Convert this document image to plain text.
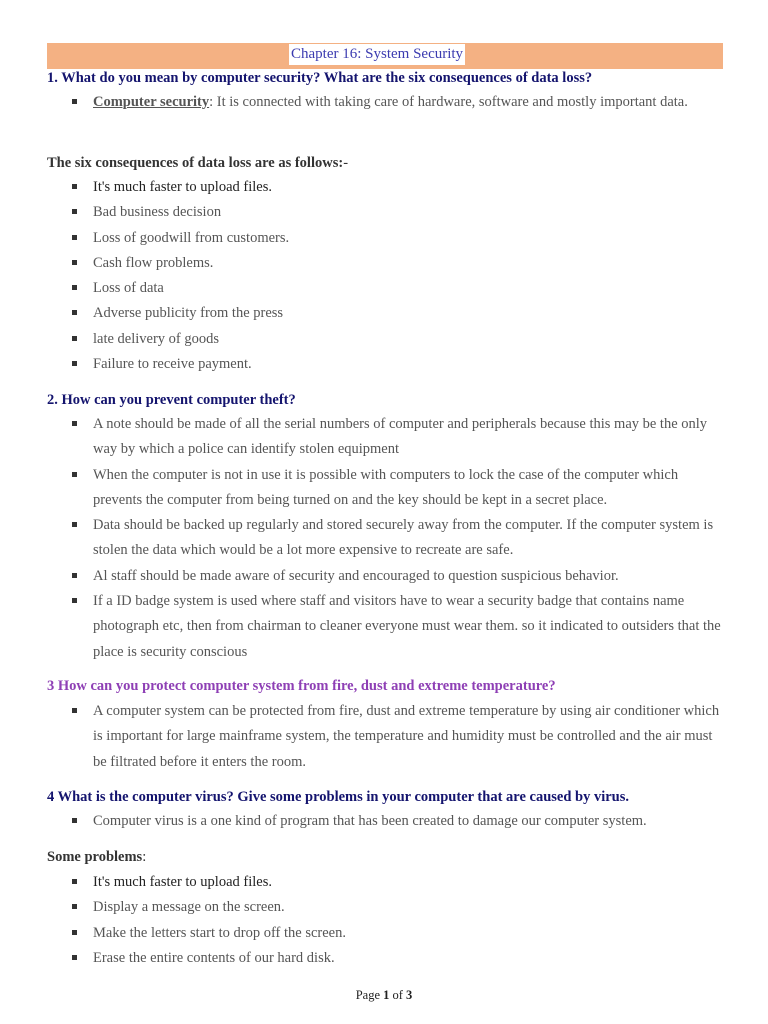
Chapter 16: System Security
1. What do you mean by computer security? What are the six consequences of data loss?
Computer security: It is connected with taking care of hardware, software and mostly important data.
The six consequences of data loss are as follows:-
It's much faster to upload files.
Bad business decision
Loss of goodwill from customers.
Cash flow problems.
Loss of data
Adverse publicity from the press
late delivery of goods
Failure to receive payment.
2. How can you prevent computer theft?
A note should be made of all the serial numbers of computer and peripherals because this may be the only way by which a police can identify stolen equipment
When the computer is not in use it is possible with computers to lock the case of the computer which prevents the computer from being turned on and the key should be kept in a secret place.
Data should be backed up regularly and stored securely away from the computer. If the computer system is stolen the data which would be a lot more expensive to recreate are safe.
Al staff should be made aware of security and encouraged to question suspicious behavior.
If a ID badge system is used where staff and visitors have to wear a security badge that contains name photograph etc, then from chairman to cleaner everyone must wear them. so it indicated to outsiders that the place is security conscious
3 How can you protect computer system from fire, dust and extreme temperature?
A computer system can be protected from fire, dust and extreme temperature by using air conditioner which is important for large mainframe system, the temperature and humidity must be controlled and the air must be filtrated before it enters the room.
4 What is the computer virus? Give some problems in your computer that are caused by virus.
Computer virus is a one kind of program that has been created to damage our computer system.
Some problems:
It's much faster to upload files.
Display a message on the screen.
Make the letters start to drop off the screen.
Erase the entire contents of our hard disk.
Page 1 of 3
